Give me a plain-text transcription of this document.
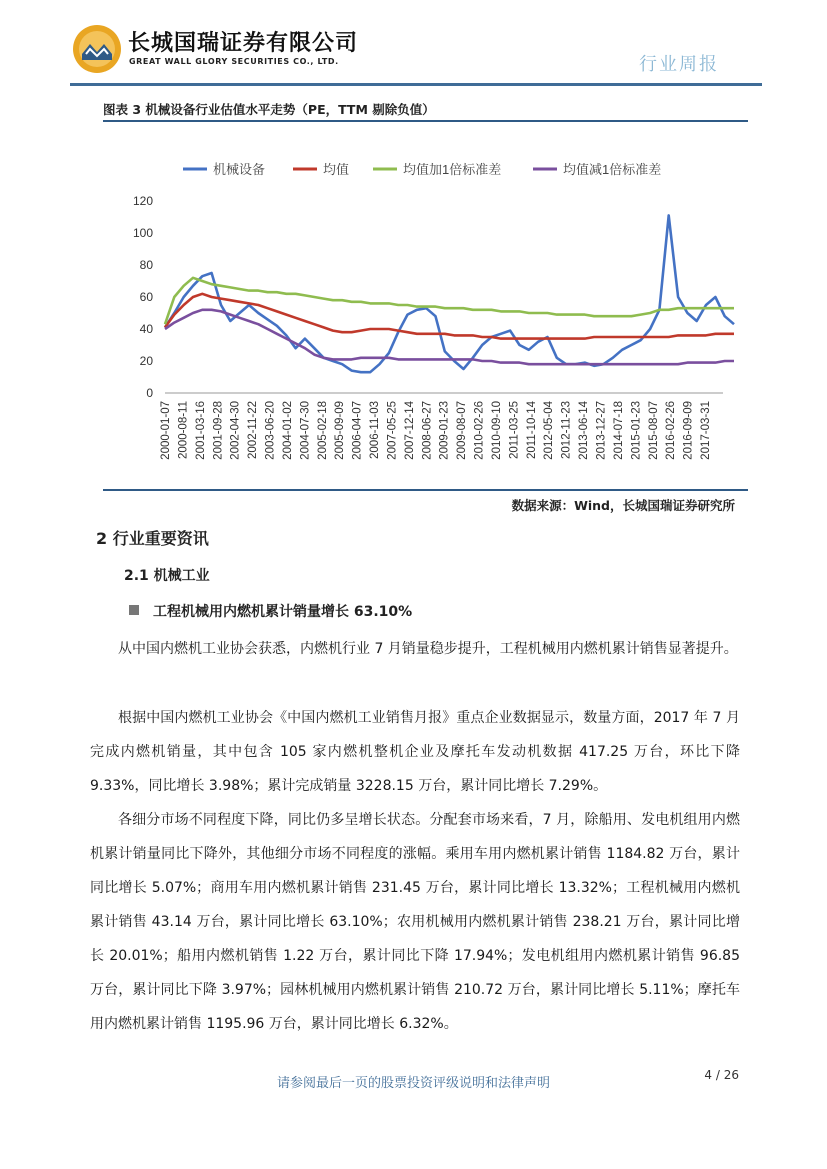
长城国瑞证券有限公司
GREAT WALL GLORY SECURITIES CO., LTD.	行业周报
图表 3 机械设备行业估值水平走势（PE，TTM 剔除负值）
机械设备	均值	均值加1倍标准差	均值减1倍标准差
0
20
40
60
80
100
120
2000-01-07 2000-08-11 2001-03-16 2001-09-28 2002-04-30 2002-11-22 2003-06-20 2004-01-02 2004-07-30 2005-02-18 2005-09-09 2006-04-07 2006-11-03 2007-05-25 2007-12-14 2008-06-27 2009-01-23 2009-08-07 2010-02-26 2010-09-10 2011-03-25 2011-10-14 2012-05-04 2012-11-23 2013-06-14 2013-12-27 2014-07-18 2015-01-23 2015-08-07 2016-02-26 2016-09-09 2017-03-31
数据来源：Wind，长城国瑞证券研究所
2 行业重要资讯
2.1 机械工业
工程机械用内燃机累计销量增长 63.10%

从中国内燃机工业协会获悉，内燃机行业 7 月销量稳步提升，工程机械用内燃机累计销售显著提升。

根据中国内燃机工业协会《中国内燃机工业销售月报》重点企业数据显示，数量方面，2017 年 7 月完成内燃机销量，其中包含 105 家内燃机整机企业及摩托车发动机数据 417.25 万台，环比下降 9.33%，同比增长 3.98%；累计完成销量 3228.15 万台，累计同比增长 7.29%。

各细分市场不同程度下降，同比仍多呈增长状态。分配套市场来看，7 月，除船用、发电机组用内燃机累计销量同比下降外，其他细分市场不同程度的涨幅。乘用车用内燃机累计销售 1184.82 万台，累计同比增长 5.07%；商用车用内燃机累计销售 231.45 万台，累计同比增长 13.32%；工程机械用内燃机累计销售 43.14 万台，累计同比增长 63.10%；农用机械用内燃机累计销售 238.21 万台，累计同比增长 20.01%；船用内燃机销售 1.22 万台，累计同比下降 17.94%；发电机组用内燃机累计销售 96.85 万台，累计同比下降 3.97%；园林机械用内燃机累计销售 210.72 万台，累计同比增长 5.11%；摩托车用内燃机累计销售 1195.96 万台，累计同比增长 6.32%。

请参阅最后一页的股票投资评级说明和法律声明
4 / 26
